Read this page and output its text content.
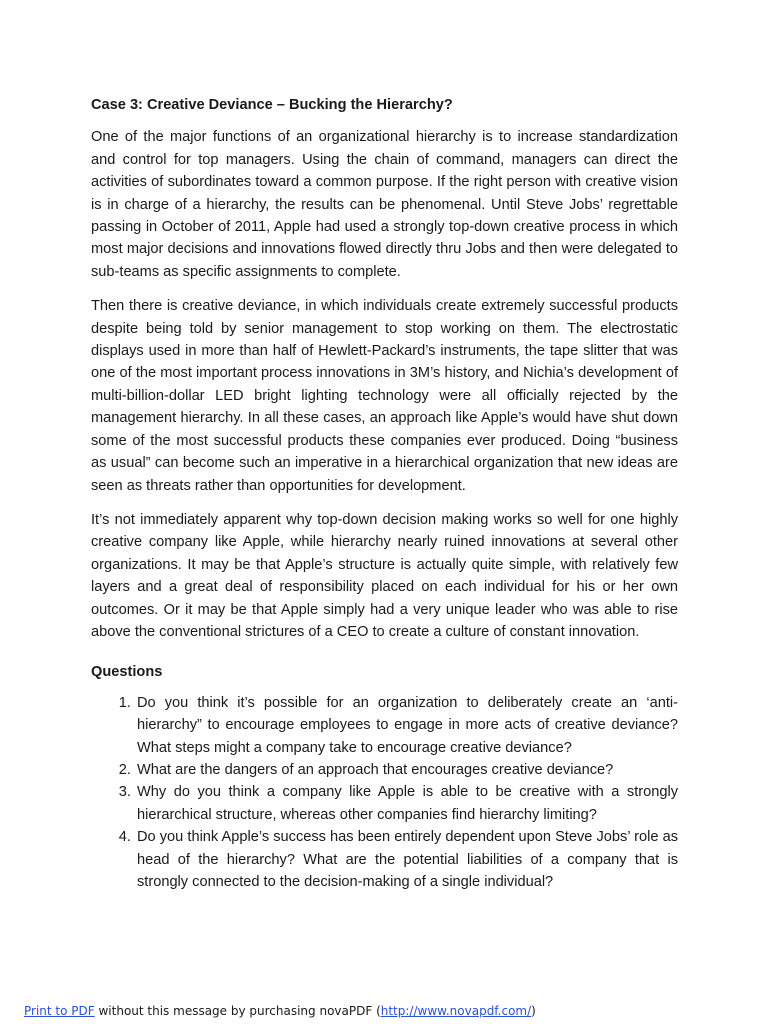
Case 3: Creative Deviance – Bucking the Hierarchy?

One of the major functions of an organizational hierarchy is to increase standardization and control for top managers. Using the chain of command, managers can direct the activities of subordinates toward a common purpose. If the right person with creative vision is in charge of a hierarchy, the results can be phenomenal. Until Steve Jobs’ regrettable passing in October of 2011, Apple had used a strongly top-down creative process in which most major decisions and innovations flowed directly thru Jobs and then were delegated to sub-teams as specific assignments to complete.

Then there is creative deviance, in which individuals create extremely successful products despite being told by senior management to stop working on them. The electrostatic displays used in more than half of Hewlett-Packard’s instruments, the tape slitter that was one of the most important process innovations in 3M’s history, and Nichia’s development of multi-billion-dollar LED bright lighting technology were all officially rejected by the management hierarchy. In all these cases, an approach like Apple’s would have shut down some of the most successful products these companies ever produced. Doing “business as usual” can become such an imperative in a hierarchical organization that new ideas are seen as threats rather than opportunities for development.

It’s not immediately apparent why top-down decision making works so well for one highly creative company like Apple, while hierarchy nearly ruined innovations at several other organizations. It may be that Apple’s structure is actually quite simple, with relatively few layers and a great deal of responsibility placed on each individual for his or her own outcomes. Or it may be that Apple simply had a very unique leader who was able to rise above the conventional strictures of a CEO to create a culture of constant innovation.

Questions
1. Do you think it’s possible for an organization to deliberately create an ‘anti-hierarchy” to encourage employees to engage in more acts of creative deviance? What steps might a company take to encourage creative deviance?
2. What are the dangers of an approach that encourages creative deviance?
3. Why do you think a company like Apple is able to be creative with a strongly hierarchical structure, whereas other companies find hierarchy limiting?
4. Do you think Apple’s success has been entirely dependent upon Steve Jobs’ role as head of the hierarchy? What are the potential liabilities of a company that is strongly connected to the decision-making of a single individual?
Print to PDF without this message by purchasing novaPDF (http://www.novapdf.com/)
